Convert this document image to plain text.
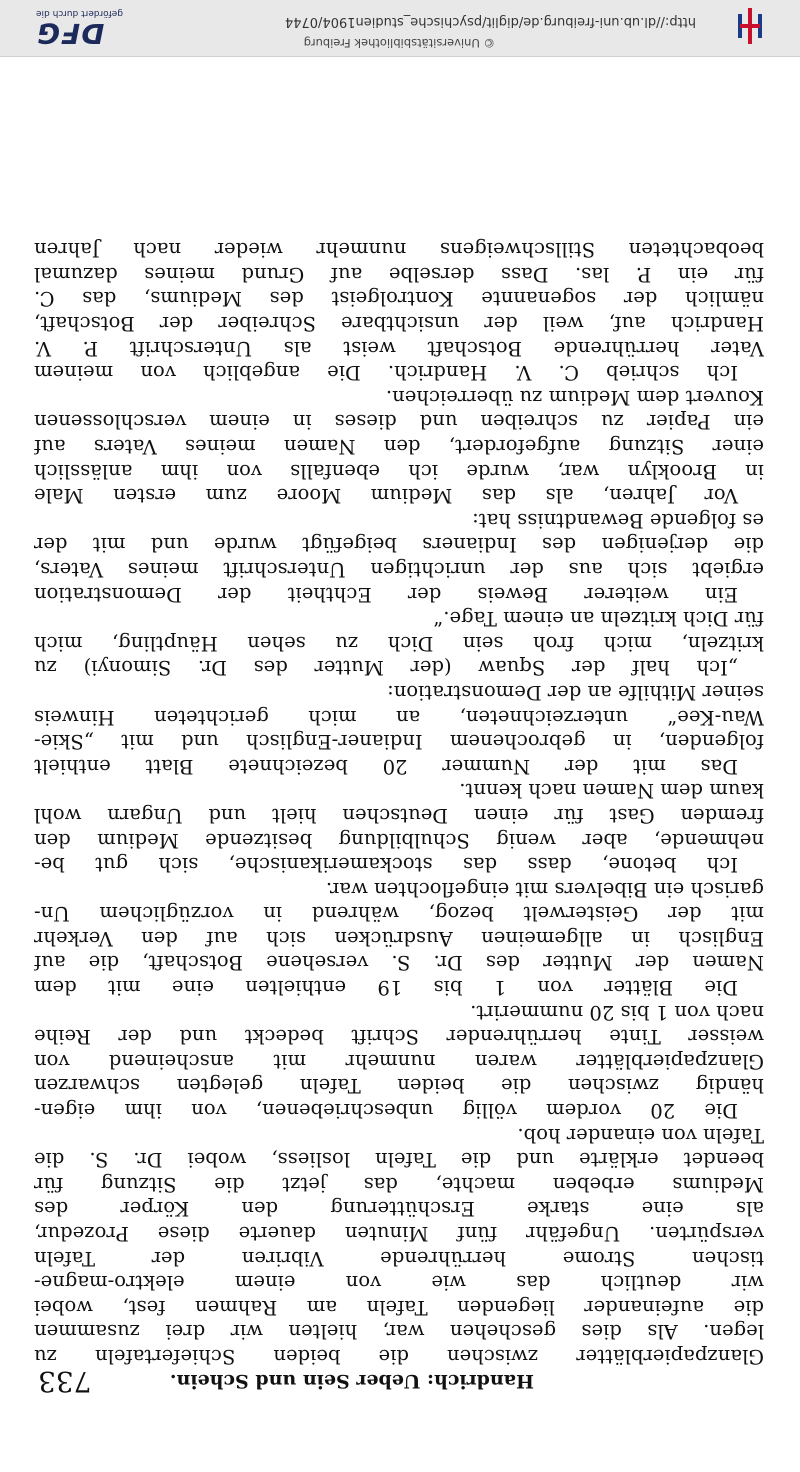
Handrich: Ueber Sein und Schein.
733
Glanzpapierblätter zwischen die beiden Schiefertafeln zu
legen. Als dies geschehen war, hielten wir drei zusammen
die aufeinander liegenden Tafeln am Rahmen fest, wobei
wir deutlich das wie von einem elektro-magne-
tischen Strome herrührende Vibriren der Tafeln
verspürten. Ungefähr fünf Minuten dauerte diese Prozedur,
als eine starke Erschütterung den Körper des
Mediums erbeben machte, das jetzt die Sitzung für
beendet erklärte und die Tafeln losliess, wobei Dr. S. die
Tafeln von einander hob.
Die 20 vordem völlig unbeschriebenen, von ihm eigen-
händig zwischen die beiden Tafeln gelegten schwarzen
Glanzpapierblätter waren nunmehr mit anscheinend von
weisser Tinte herrührender Schrift bedeckt und der Reihe
nach von 1 bis 20 nummerirt.
Die Blätter von 1 bis 19 enthielten eine mit dem
Namen der Mutter des Dr. S. versehene Botschaft, die auf
Englisch in allgemeinen Ausdrücken sich auf den Verkehr
mit der Geisterwelt bezog, während in vorzüglichem Un-
garisch ein Bibelvers mit eingeflochten war.
Ich betone, dass das stockamerikanische, sich gut be-
nehmende, aber wenig Schulbildung besitzende Medium den
fremden Gast für einen Deutschen hielt und Ungarn wohl
kaum dem Namen nach kennt.
Das mit der Nummer 20 bezeichnete Blatt enthielt
folgenden, in gebrochenem Indianer-Englisch und mit „Skie-
Wau-Kee“ unterzeichneten, an mich gerichteten Hinweis
seiner Mithilfe an der Demonstration:
„Ich half der Squaw (der Mutter des Dr. Simonyi) zu
kritzeln, mich froh sein Dich zu sehen Häuptling, mich
für Dich kritzeln an einem Tage.“
Ein weiterer Beweis der Echtheit der Demonstration
ergiebt sich aus der unrichtigen Unterschrift meines Vaters,
die derjenigen des Indianers beigefügt wurde und mit der
es folgende Bewandtniss hat:
Vor Jahren, als das Medium Moore zum ersten Male
in Brooklyn war, wurde ich ebenfalls von ihm anlässlich
einer Sitzung aufgefordert, den Namen meines Vaters auf
ein Papier zu schreiben und dieses in einem verschlossenen
Kouvert dem Medium zu überreichen.
Ich schrieb C. V. Handrich. Die angeblich von meinem
Vater herrührende Botschaft weist als Unterschrift P. V.
Handrich auf, weil der unsichtbare Schreiber der Botschaft,
nämlich der sogenannte Kontrolgeist des Mediums, das C.
für ein P. las. Dass derselbe auf Grund meines dazumal
beobachteten Stillschweigens nunmehr wieder nach Jahren
http://dl.ub.uni-freiburg.de/diglit/psychische_studien1904/0744
© Universitätsbibliothek Freiburg
DFG
gefördert durch die
